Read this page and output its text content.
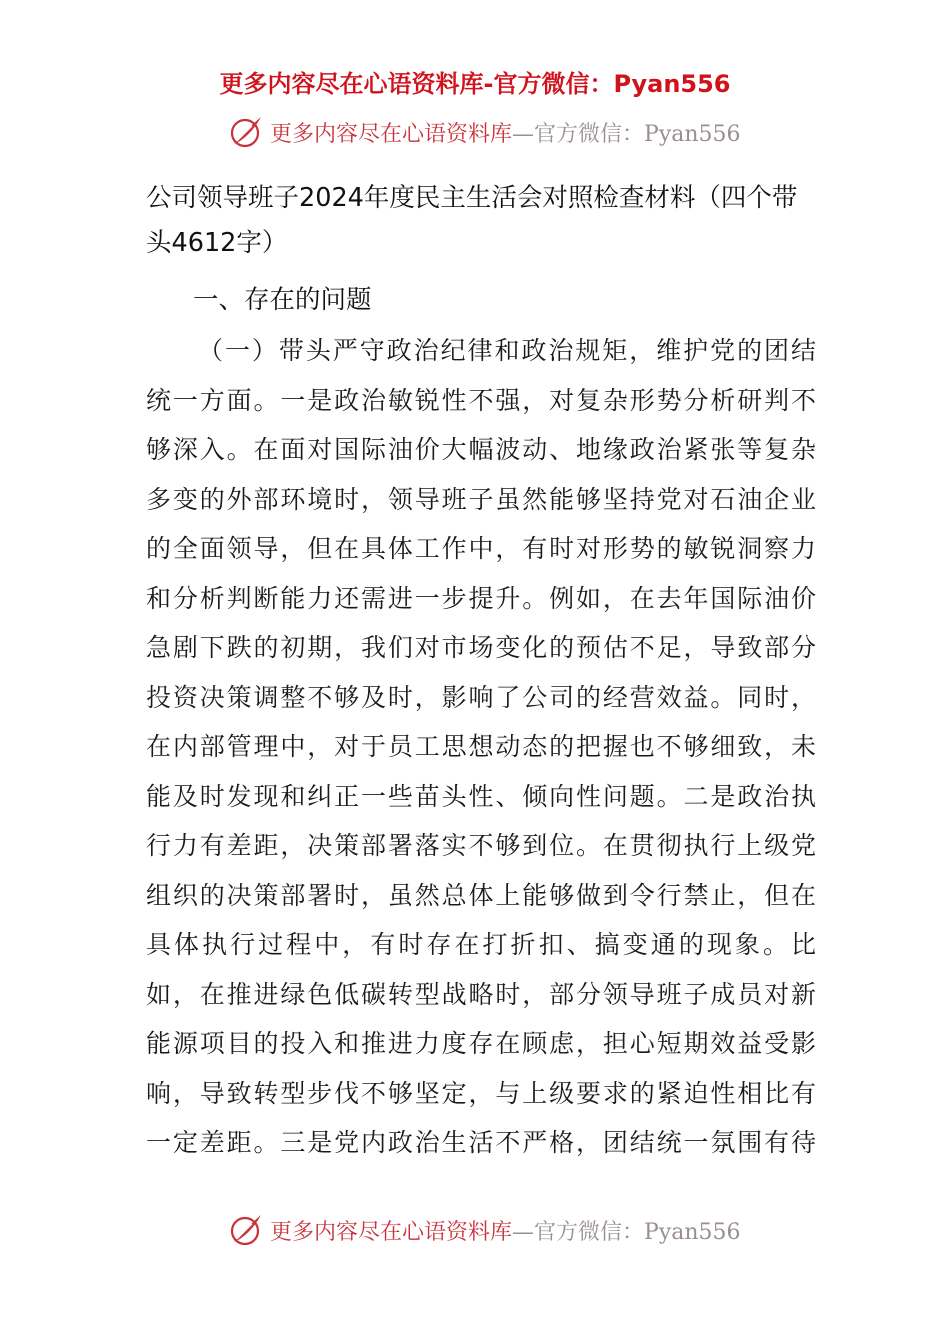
更多内容尽在心语资料库-官方微信：Pyan556
更多内容尽在心语资料库—官方微信：Pyan556
公司领导班子2024年度民主生活会对照检查材料（四个带头4612字）
一、存在的问题
（一）带头严守政治纪律和政治规矩，维护党的团结
统一方面。一是政治敏锐性不强，对复杂形势分析研判不
够深入。在面对国际油价大幅波动、地缘政治紧张等复杂
多变的外部环境时，领导班子虽然能够坚持党对石油企业
的全面领导，但在具体工作中，有时对形势的敏锐洞察力
和分析判断能力还需进一步提升。例如，在去年国际油价
急剧下跌的初期，我们对市场变化的预估不足，导致部分
投资决策调整不够及时，影响了公司的经营效益。同时，
在内部管理中，对于员工思想动态的把握也不够细致，未
能及时发现和纠正一些苗头性、倾向性问题。二是政治执
行力有差距，决策部署落实不够到位。在贯彻执行上级党
组织的决策部署时，虽然总体上能够做到令行禁止，但在
具体执行过程中，有时存在打折扣、搞变通的现象。比
如，在推进绿色低碳转型战略时，部分领导班子成员对新
能源项目的投入和推进力度存在顾虑，担心短期效益受影
响，导致转型步伐不够坚定，与上级要求的紧迫性相比有
一定差距。三是党内政治生活不严格，团结统一氛围有待
更多内容尽在心语资料库—官方微信：Pyan556
